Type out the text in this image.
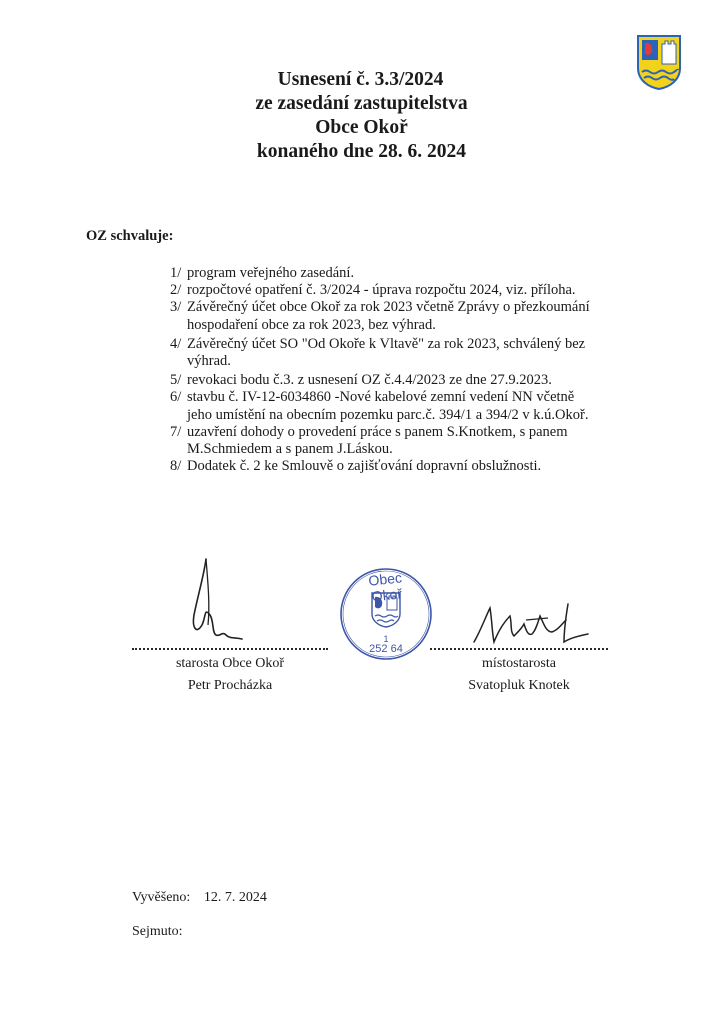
Usnesení č. 3.3/2024
ze zasedání zastupitelstva
Obce Okoř
konaného dne 28. 6. 2024
OZ schvaluje:
1/ program veřejného zasedání.
2/ rozpočtové opatření č. 3/2024 - úprava rozpočtu 2024, viz. příloha.
3/ Závěrečný účet obce Okoř za rok 2023 včetně Zprávy o přezkoumání
hospodaření obce za rok 2023, bez výhrad.
4/ Závěrečný účet SO "Od Okoře k Vltavě" za rok 2023, schválený bez
výhrad.
5/ revokaci bodu č.3. z usnesení OZ č.4.4/2023 ze dne 27.9.2023.
6/ stavbu č. IV-12-6034860 -Nové kabelové zemní vedení NN včetně
jeho umístění na obecním pozemku parc.č. 394/1 a 394/2 v k.ú.Okoř.
7/ uzavření dohody o provedení práce s panem S.Knotkem, s panem
M.Schmiedem a s panem J.Láskou.
8/ Dodatek č. 2 ke Smlouvě o zajišťování dopravní obslužnosti.
starosta Obce Okoř
Petr Procházka
Obec Okoř
1
252 64
místostarosta
Svatopluk Knotek
Vyvěšeno: 12. 7. 2024
Sejmuto:
